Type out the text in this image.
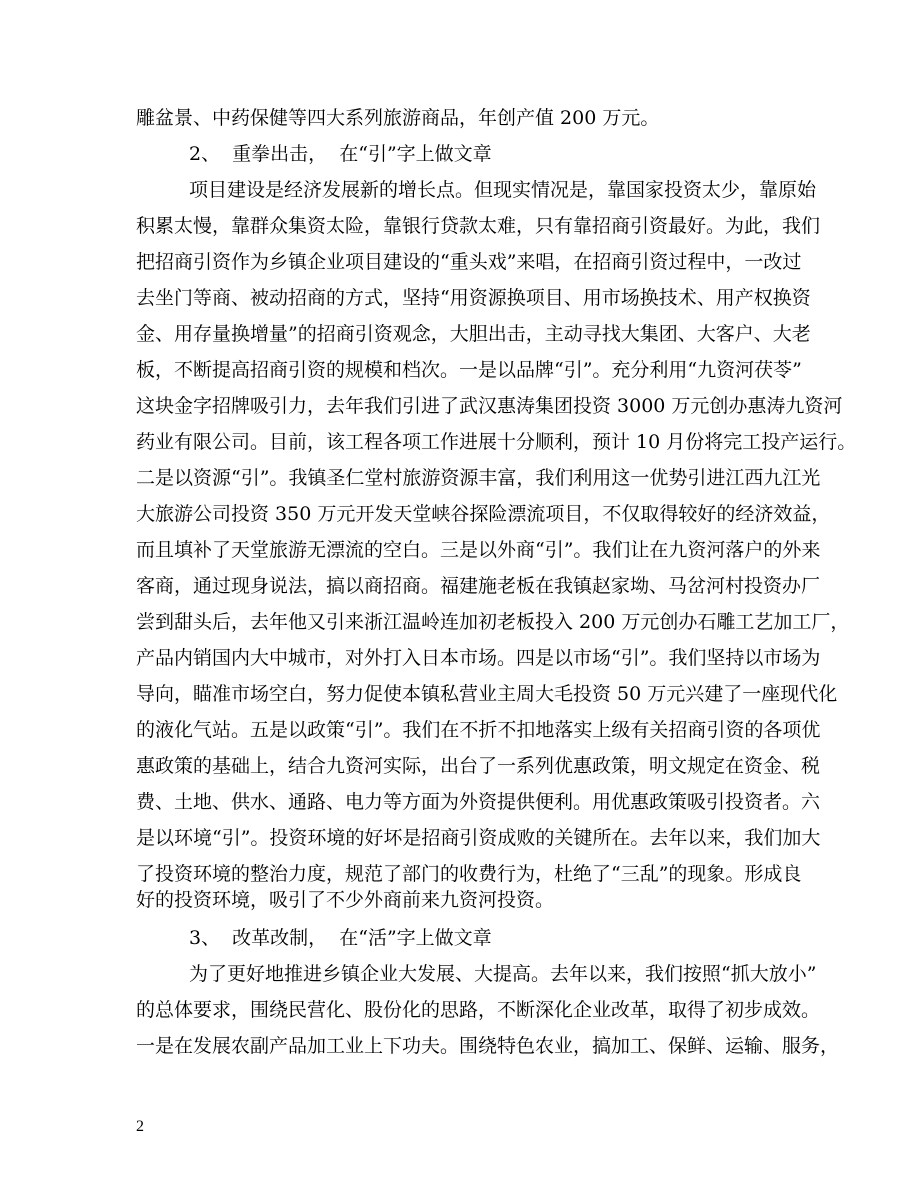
雕盆景、中药保健等四大系列旅游商品，年创产值 200 万元。
2、  重拳出击，  在“引”字上做文章
项目建设是经济发展新的增长点。但现实情况是，靠国家投资太少，靠原始
积累太慢，靠群众集资太险，靠银行贷款太难，只有靠招商引资最好。为此，我们
把招商引资作为乡镇企业项目建设的“重头戏”来唱，在招商引资过程中，一改过
去坐门等商、被动招商的方式，坚持“用资源换项目、用市场换技术、用产权换资
金、用存量换增量”的招商引资观念，大胆出击，主动寻找大集团、大客户、大老
板，不断提高招商引资的规模和档次。一是以品牌“引”。充分利用“九资河茯苓”
这块金字招牌吸引力，去年我们引进了武汉惠涛集团投资 3000 万元创办惠涛九资河
药业有限公司。目前，该工程各项工作进展十分顺利，预计 10 月份将完工投产运行。
二是以资源“引”。我镇圣仁堂村旅游资源丰富，我们利用这一优势引进江西九江光
大旅游公司投资 350 万元开发天堂峡谷探险漂流项目，不仅取得较好的经济效益，
而且填补了天堂旅游无漂流的空白。三是以外商“引”。我们让在九资河落户的外来
客商，通过现身说法，搞以商招商。福建施老板在我镇赵家坳、马岔河村投资办厂
尝到甜头后，去年他又引来浙江温岭连加初老板投入 200 万元创办石雕工艺加工厂，
产品内销国内大中城市，对外打入日本市场。四是以市场“引”。我们坚持以市场为
导向，瞄准市场空白，努力促使本镇私营业主周大毛投资 50 万元兴建了一座现代化
的液化气站。五是以政策“引”。我们在不折不扣地落实上级有关招商引资的各项优
惠政策的基础上，结合九资河实际，出台了一系列优惠政策，明文规定在资金、税
费、土地、供水、通路、电力等方面为外资提供便利。用优惠政策吸引投资者。六
是以环境“引”。投资环境的好坏是招商引资成败的关键所在。去年以来，我们加大
了投资环境的整治力度，规范了部门的收费行为，杜绝了“三乱”的现象。形成良
好的投资环境，吸引了不少外商前来九资河投资。
3、  改革改制，  在“活”字上做文章
为了更好地推进乡镇企业大发展、大提高。去年以来，我们按照“抓大放小”
2
的总体要求，围绕民营化、股份化的思路，不断深化企业改革，取得了初步成效。
一是在发展农副产品加工业上下功夫。围绕特色农业，搞加工、保鲜、运输、服务，
